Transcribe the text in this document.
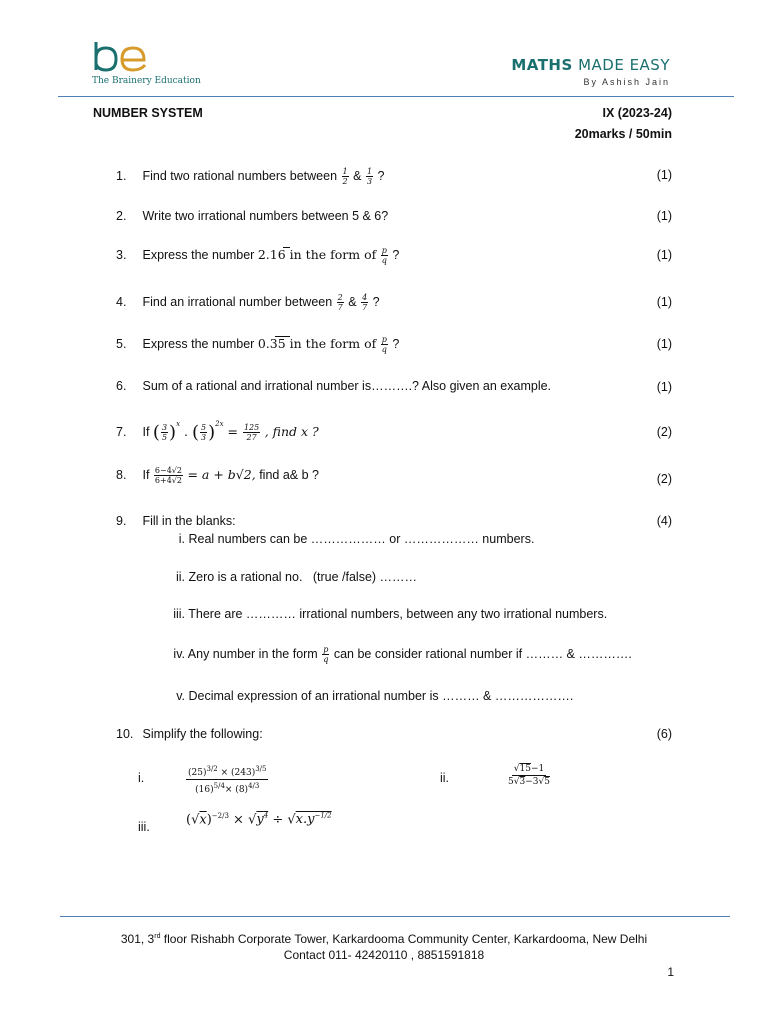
The Brainery Education
MATHS MADE EASY
By Ashish Jain
NUMBER SYSTEM	IX (2023-24)
20marks / 50min
1. Find two rational numbers between $\frac{1}{2}$ & $\frac{1}{3}$ ?	(1)
2. Write two irrational numbers between 5 & 6?	(1)
3. Express the number 2.16 in the form of $\frac{p}{q}$ ?	(1)
4. Find an irrational number between $\frac{2}{7}$ & $\frac{4}{7}$ ?	(1)
5. Express the number 0.35 in the form of $\frac{p}{q}$ ?	(1)
6. Sum of a rational and irrational number is……….? Also given an example.	(1)
7. If ( $\frac{3}{5} )^x$ . ( $\frac{5}{3} )^{2x} = \frac{125}{27}$ , find x ?	(2)
8. If $\frac{6-4√2}{6+4√2} = a + b√2$, find a& b ?	(2)
9. Fill in the blanks:	(4)
i. Real numbers can be ……………… or ……………… numbers.
ii. Zero is a rational no.   (true /false) ………
iii. There are ………… irrational numbers, between any two irrational numbers.
iv. Any number in the form $\frac{p}{q}$ can be consider rational number if ……… & ………….
v. Decimal expression of an irrational number is ……… & ……………….
10. Simplify the following:	(6)
i.	$\frac{(25)^{3/2} \times (243)^{3/5}}{(16)^{5/4}\times (8)^{4/3}}$	ii.	$\frac{√15-1}{5√3-3√5}$
iii.	$(√x)^{-2/3} \times √y^4 \div √x.y^{-1/2}$
301, 3rd floor Rishabh Corporate Tower, Karkardooma Community Center, Karkardooma, New Delhi
Contact 011- 42420110 , 8851591818
1
